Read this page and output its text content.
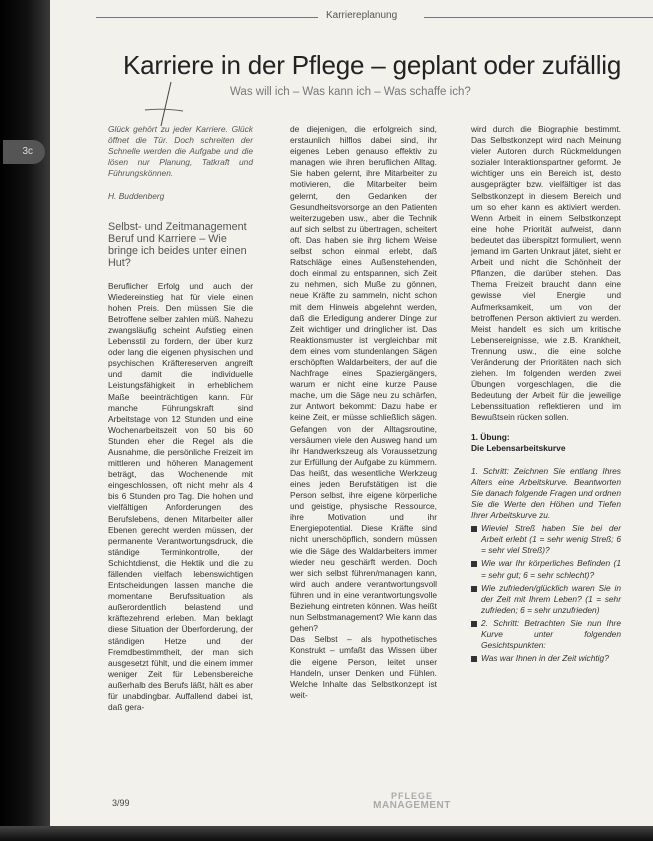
Karriereplanung
Karriere in der Pflege – geplant oder zufällig
Was will ich – Was kann ich – Was schaffe ich?

Glück gehört zu jeder Karriere. Glück öffnet die Tür. Doch schreiten der Schnelle werden die Aufgabe und die lösen nur Planung, Tatkraft und Führungskönnen.

H. Buddenberg

Selbst- und Zeitmanagement Beruf und Karriere – Wie bringe ich beides unter einen Hut?

Beruflicher Erfolg und auch der Wiedereinstieg hat für viele einen hohen Preis. Den müssen Sie die Betroffene selber zahlen müß. Nahezu zwangsläufig scheint Aufstieg einen Lebensstil zu fordern, der über kurz oder lang die eigenen physischen und psychischen Kräftereserven angreift und damit die individuelle Leistungsfähigkeit in erheblichem Maße beeinträchtigen kann. Für manche Führungskraft sind Arbeitstage von 12 Stunden und eine Wochenarbeitszeit von 50 bis 60 Stunden eher die Regel als die Ausnahme, die persönliche Freizeit im mittleren und höheren Management beträgt, das Wochenende mit eingeschlossen, oft nicht mehr als 4 bis 6 Stunden pro Tag. Die hohen und vielfältigen Anforderungen des Berufslebens, denen Mitarbeiter aller Ebenen gerecht werden müssen, der permanente Verantwortungsdruck, die ständige Terminkontrolle, der Schichtdienst, die Hektik und die zu fällenden vielfach lebenswichtigen Entscheidungen lassen manche die momentane Berufssituation als außerordentlich belastend und kräftezehrend erleben. Man beklagt diese Situation der Überforderung, der ständigen Hetze und der Fremdbestimmtheit, der man sich ausgesetzt fühlt, und die einem immer weniger Zeit für Lebensbereiche außerhalb des Berufs läßt, hält es aber für unabdingbar. Auffallend dabei ist, daß gera-

de diejenigen, die erfolgreich sind, erstaunlich hilflos dabei sind, ihr eigenes Leben genauso effektiv zu managen wie ihren beruflichen Alltag. Sie haben gelernt, ihre Mitarbeiter zu motivieren, die Mitarbeiter beim gelernt, den Gedanken der Gesundheitsvorsorge an den Patienten weiterzugeben usw., aber die Technik auf sich selbst zu übertragen, scheitert oft. Das haben sie ihrg lichem Weise selbst schon einmal erlebt, daß Ratschläge eines Außenstehenden, doch einmal zu entspannen, sich Zeit zu nehmen, sich Muße zu gönnen, neue Kräfte zu sammeln, nicht schon mit dem Hinweis abgelehnt werden, daß die Erledigung anderer Dinge zur Zeit wichtiger und dringlicher ist. Das Reaktionsmuster ist vergleichbar mit dem eines vom stundenlangen Sägen erschöpften Waldarbeiters, der auf die Nachfrage eines Spaziergängers, warum er nicht eine kurze Pause mache, um die Säge neu zu schärfen, zur Antwort bekommt: Dazu habe er keine Zeit, er müsse schließlich sägen. Gefangen von der Alltagsroutine, versäumen viele den Ausweg hand um ihr Handwerkszeug als Voraussetzung zur Erfüllung der Aufgabe zu kümmern. Das heißt, das wesentliche Werkzeug eines jeden Berufstätigen ist die Person selbst, ihre eigene körperliche und geistige, physische Ressource, ihre Motivation und ihr Energiepotential. Diese Kräfte sind nicht unerschöpflich, sondern müssen wie die Säge des Waldarbeiters immer wieder neu geschärft werden. Doch wer sich selbst führen/managen kann, wird auch andere verantwortungsvoll führen und in eine verantwortungsvolle Beziehung eintreten können. Was heißt nun Selbstmanagement? Wie kann das gehen?

Das Selbst – als hypothetisches Konstrukt – umfaßt das Wissen über die eigene Person, leitet unser Handeln, unser Denken und Fühlen. Welche Inhalte das Selbstkonzept ist weit-

wird durch die Biographie bestimmt. Das Selbstkonzept wird nach Meinung vieler Autoren durch Rückmeldungen sozialer Interaktionspartner geformt. Je wichtiger uns ein Bereich ist, desto ausgeprägter bzw. vielfältiger ist das Selbstkonzept in diesem Bereich und um so eher kann es aktiviert werden. Wenn Arbeit in einem Selbstkonzept eine hohe Priorität aufweist, dann bedeutet das überspitzt formuliert, wenn jemand im Garten Unkraut jätet, sieht er Arbeit und nicht die Schönheit der Pflanzen, die darüber stehen. Das Thema Freizeit braucht dann eine gewisse viel Energie und Aufmerksamkeit, um von der betroffenen Person aktiviert zu werden. Meist handelt es sich um kritische Lebensereignisse, wie z.B. Krankheit, Trennung usw., die eine solche Veränderung der Prioritäten nach sich ziehen. Im folgenden werden zwei Übungen vorgeschlagen, die die Bedeutung der Arbeit für die jeweilige Lebenssituation reflektieren und im Bewußtsein rücken sollen.

1. Übung:

Die Lebensarbeitskurve

1. Schritt: Zeichnen Sie entlang Ihres Alters eine Arbeitskurve. Beantworten Sie danach folgende Fragen und ordnen Sie die Werte den Höhen und Tiefen Ihrer Arbeitskurve zu.

Wieviel Streß haben Sie bei der Arbeit erlebt (1 = sehr wenig Streß; 6 = sehr viel Streß)?
Wie war Ihr körperliches Befinden (1 = sehr gut; 6 = sehr schlecht)?
Wie zufrieden/glücklich waren Sie in der Zeit mit Ihrem Leben? (1 = sehr zufrieden; 6 = sehr unzufrieden)
2. Schritt: Betrachten Sie nun Ihre Kurve unter folgenden Gesichtspunkten:
Was war Ihnen in der Zeit wichtig?
3/99
PFLEGE
MANAGEMENT
3c
